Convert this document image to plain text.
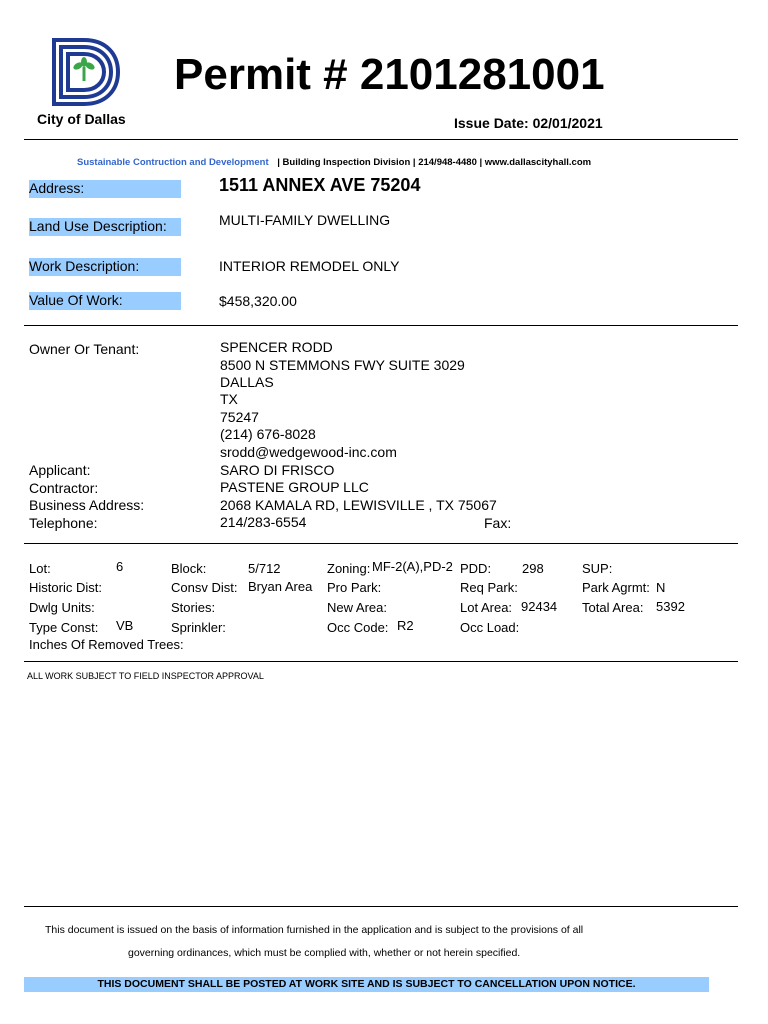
City of Dallas
Permit # 2101281001
Issue Date: 02/01/2021
Sustainable Contruction and Development | Building Inspection Division | 214/948-4480 | www.dallascityhall.com
Address:	1511 ANNEX AVE 75204
Land Use Description:	MULTI-FAMILY DWELLING
Work Description:	INTERIOR REMODEL ONLY
Value Of Work:	$458,320.00
Owner Or Tenant:	SPENCER RODD
8500 N STEMMONS FWY SUITE 3029
DALLAS
TX
75247
(214) 676-8028
srodd@wedgewood-inc.com
Applicant:	SARO DI FRISCO
Contractor:	PASTENE GROUP LLC
Business Address:	2068 KAMALA RD, LEWISVILLE , TX 75067
Telephone:	214/283-6554	Fax:
Lot:	6	Block:	5/712	Zoning: MF-2(A),PD-2 PDD: 298	SUP:
Historic Dist:	Consv Dist: Bryan Area Pro Park:	Req Park:	Park Agrmt: N
Dwlg Units:	Stories:	New Area:	Lot Area: 92434 Total Area: 5392
Type Const: VB	Sprinkler:	Occ Code: R2	Occ Load:
Inches Of Removed Trees:
ALL WORK SUBJECT TO FIELD INSPECTOR APPROVAL
This document is issued on the basis of information furnished in the application and is subject to the provisions of all
governing ordinances, which must be complied with, whether or not herein specified.
THIS DOCUMENT SHALL BE POSTED AT WORK SITE AND IS SUBJECT TO CANCELLATION UPON NOTICE.
